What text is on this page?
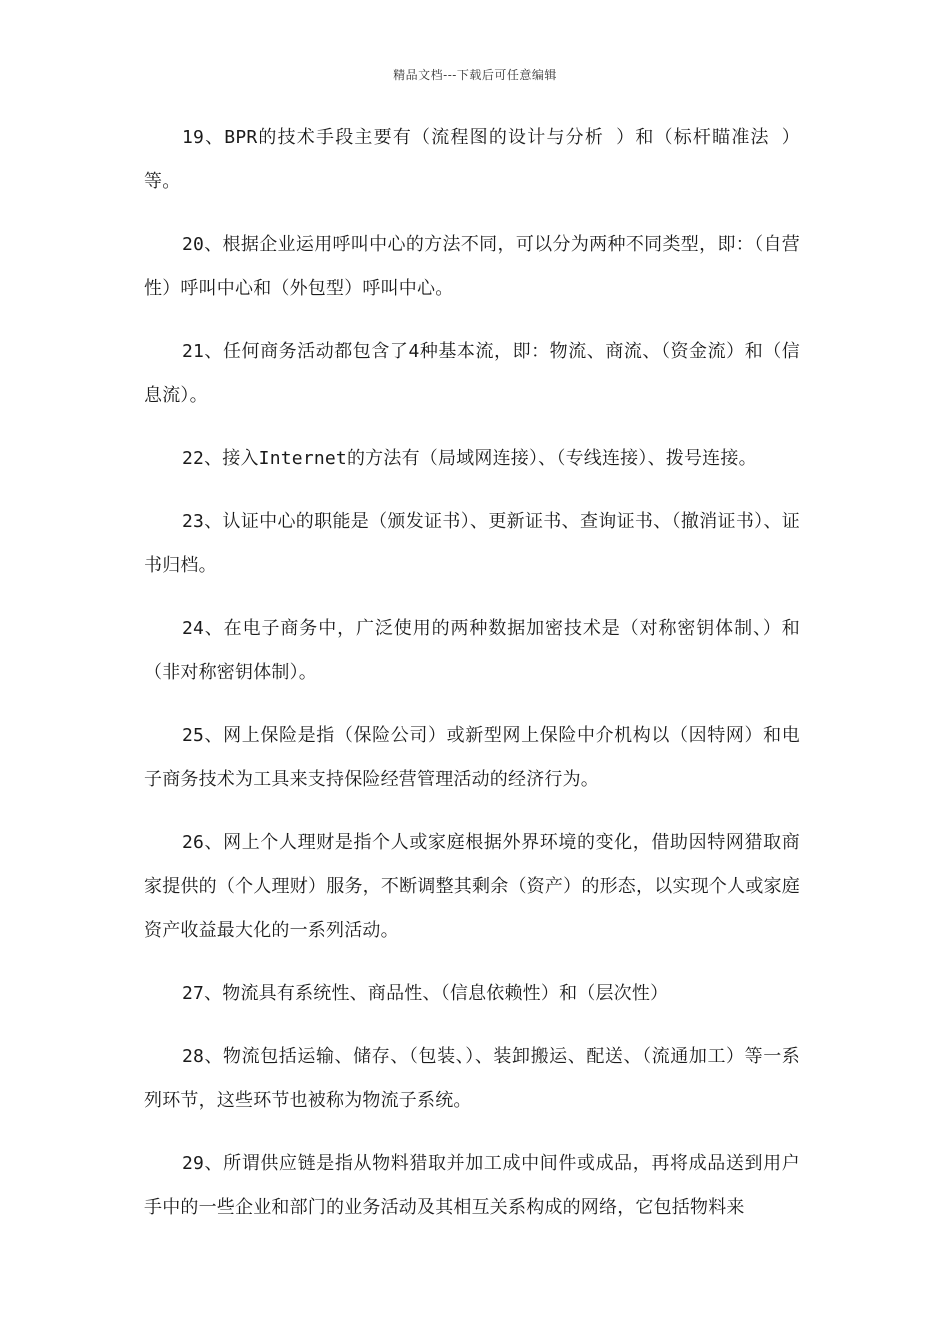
精品文档---下载后可任意编辑

19、BPR的技术手段主要有（流程图的设计与分析 ）和（标杆瞄准法 ）等。

20、根据企业运用呼叫中心的方法不同，可以分为两种不同类型，即：（自营性）呼叫中心和（外包型）呼叫中心。

21、任何商务活动都包含了4种基本流，即：物流、商流、（资金流）和（信息流）。

22、接入Internet的方法有（局域网连接）、（专线连接）、拨号连接。

23、认证中心的职能是（颁发证书）、更新证书、查询证书、（撤消证书）、证书归档。

24、在电子商务中，广泛使用的两种数据加密技术是（对称密钥体制、）和（非对称密钥体制）。

25、网上保险是指（保险公司）或新型网上保险中介机构以（因特网）和电子商务技术为工具来支持保险经营管理活动的经济行为。

26、网上个人理财是指个人或家庭根据外界环境的变化，借助因特网猎取商家提供的（个人理财）服务，不断调整其剩余（资产）的形态，以实现个人或家庭资产收益最大化的一系列活动。

27、物流具有系统性、商品性、（信息依赖性）和（层次性）

28、物流包括运输、储存、（包装、）、装卸搬运、配送、（流通加工）等一系列环节，这些环节也被称为物流子系统。

29、所谓供应链是指从物料猎取并加工成中间件或成品，再将成品送到用户手中的一些企业和部门的业务活动及其相互关系构成的网络，它包括物料来
